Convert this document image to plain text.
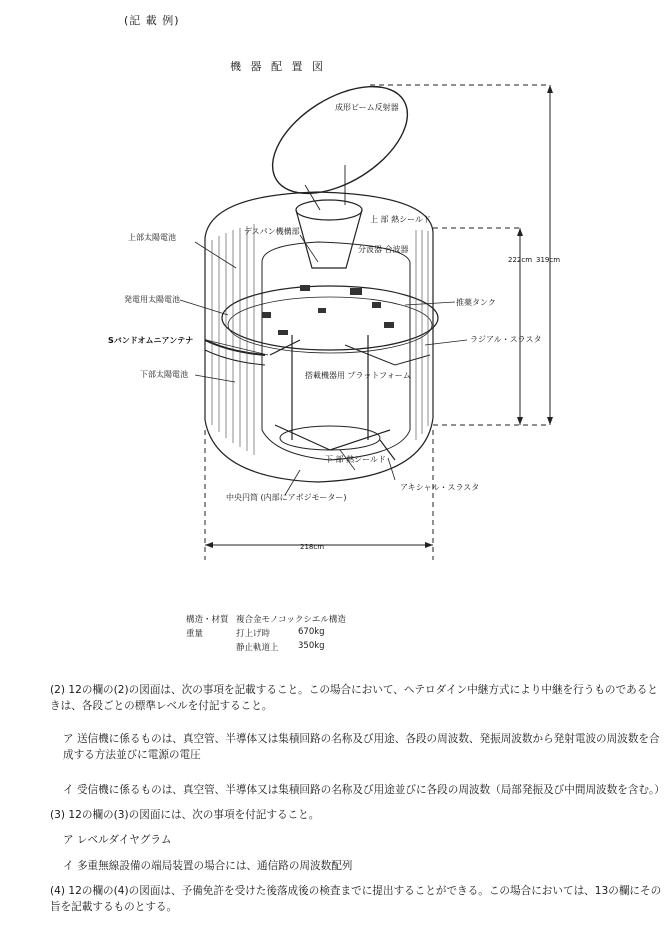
(記 載 例)
機 器 配 置 図
成形ビーム反射器
上 部 熱シールド
デスパン機構部
分波器 合波器
上部太陽電池
発電用太陽電池	推薬タンク
Sバンドオムニアンテナ	ラジアル・スラスタ
下部太陽電池	搭載機器用 プラットフォーム
下 部 熱シールド
中央円筒 (内部にアポジモーター)
アキシャル・スラスタ
222cm 319cm
218cm
構造・材質 複合金モノコックシエル構造
重量	打上げ時	670kg
静止軌道上 350kg
(2) 12の欄の(2)の図面は、次の事項を記載すること。この場合において、ヘテロダイン中継方式により中継を行うものであるときは、各段ごとの標準レベルを付記すること。
ア 送信機に係るものは、真空管、半導体又は集積回路の名称及び用途、各段の周波数、発振周波数から発射電波の周波数を合成する方法並びに電源の電圧
イ 受信機に係るものは、真空管、半導体又は集積回路の名称及び用途並びに各段の周波数（局部発振及び中間周波数を含む。）
(3) 12の欄の(3)の図面には、次の事項を付記すること。
ア レベルダイヤグラム
イ 多重無線設備の端局装置の場合には、通信路の周波数配列
(4) 12の欄の(4)の図面は、予備免許を受けた後落成後の検査までに提出することができる。この場合においては、13の欄にその旨を記載するものとする。
